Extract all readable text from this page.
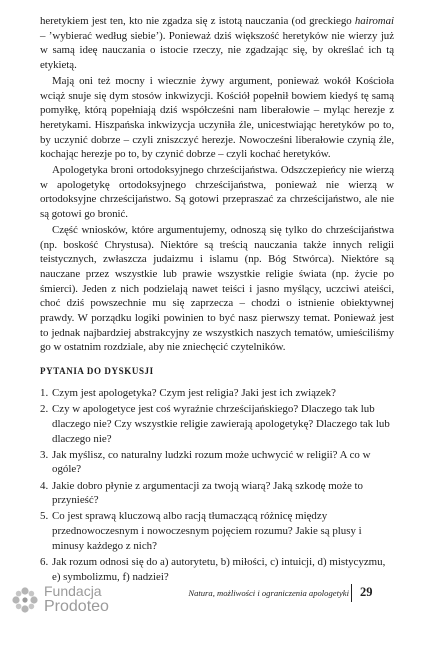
heretykiem jest ten, kto nie zgadza się z istotą nauczania (od greckiego hairomai – ’wybierać według siebie’). Ponieważ dziś większość heretyków nie wierzy już w samą ideę nauczania o istocie rzeczy, nie zgadzając się, by określać ich tą etykietą.

Mają oni też mocny i wiecznie żywy argument, ponieważ wokół Kościoła wciąż snuje się dym stosów inkwizycji. Kościół popełnił bowiem kiedyś tę samą pomyłkę, którą popełniają dziś współcześni nam liberałowie – myląc herezje z heretykami. Hiszpańska inkwizycja uczyniła źle, unicestwiając heretyków po to, by uczynić dobrze – czyli zniszczyć herezje. Nowocześni liberałowie czynią źle, kochając herezje po to, by czynić dobrze – czyli kochać heretyków.

Apologetyka broni ortodoksyjnego chrześcijaństwa. Odszczepieńcy nie wierzą w apologetykę ortodoksyjnego chrześcijaństwa, ponieważ nie wierzą w ortodoksyjne chrześcijaństwo. Są gotowi przepraszać za chrześcijaństwo, ale nie są gotowi go bronić.

Część wniosków, które argumentujemy, odnoszą się tylko do chrześcijaństwa (np. boskość Chrystusa). Niektóre są treścią nauczania także innych religii teistycznych, zwłaszcza judaizmu i islamu (np. Bóg Stwórca). Niektóre są nauczane przez wszystkie lub prawie wszystkie religie świata (np. życie po śmierci). Jeden z nich podzielają nawet teiści i jasno myślący, uczciwi ateiści, choć dziś powszechnie mu się zaprzecza – chodzi o istnienie obiektywnej prawdy. W porządku logiki powinien to być nasz pierwszy temat. Ponieważ jest to jednak najbardziej abstrakcyjny ze wszystkich naszych tematów, umieściliśmy go w ostatnim rozdziale, aby nie zniechęcić czytelników.

PYTANIA DO DYSKUSJI
1. Czym jest apologetyka? Czym jest religia? Jaki jest ich związek?
2. Czy w apologetyce jest coś wyraźnie chrześcijańskiego? Dlaczego tak lub dlaczego nie? Czy wszystkie religie zawierają apologetykę? Dlaczego tak lub dlaczego nie?
3. Jak myślisz, co naturalny ludzki rozum może uchwycić w religii? A co w ogóle?
4. Jakie dobro płynie z argumentacji za twoją wiarą? Jaką szkodę może to przynieść?
5. Co jest sprawą kluczową albo racją tłumaczącą różnicę między przednowoczesnym i nowoczesnym pojęciem rozumu? Jakie są plusy i minusy każdego z nich?
6. Jak rozum odnosi się do a) autorytetu, b) miłości, c) intuicji, d) mistycyzmu, e) symbolizmu, f) nadziei?
Fundacja
Prodoteo
Natura, możliwości i ograniczenia apologetyki 29
